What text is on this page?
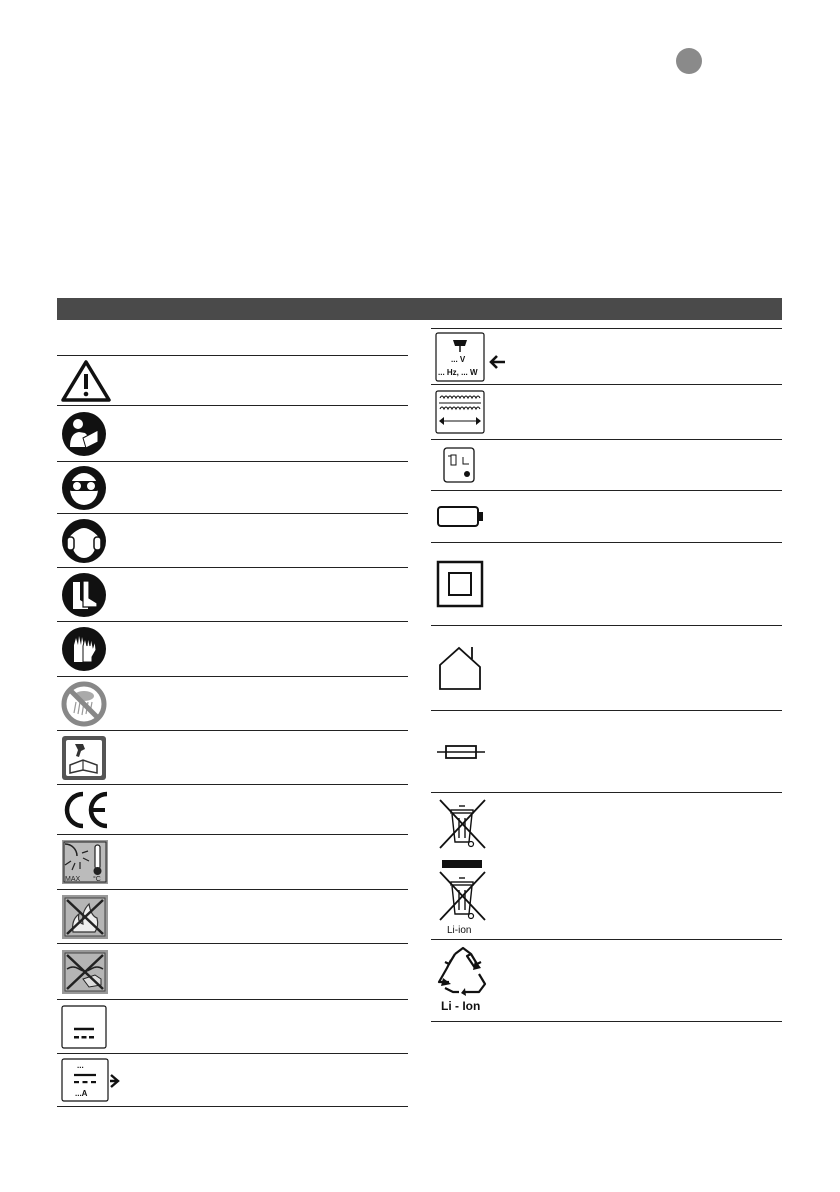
MAX °C
...
...A
... V
... Hz, ... W
Li-ion
Li - Ion
